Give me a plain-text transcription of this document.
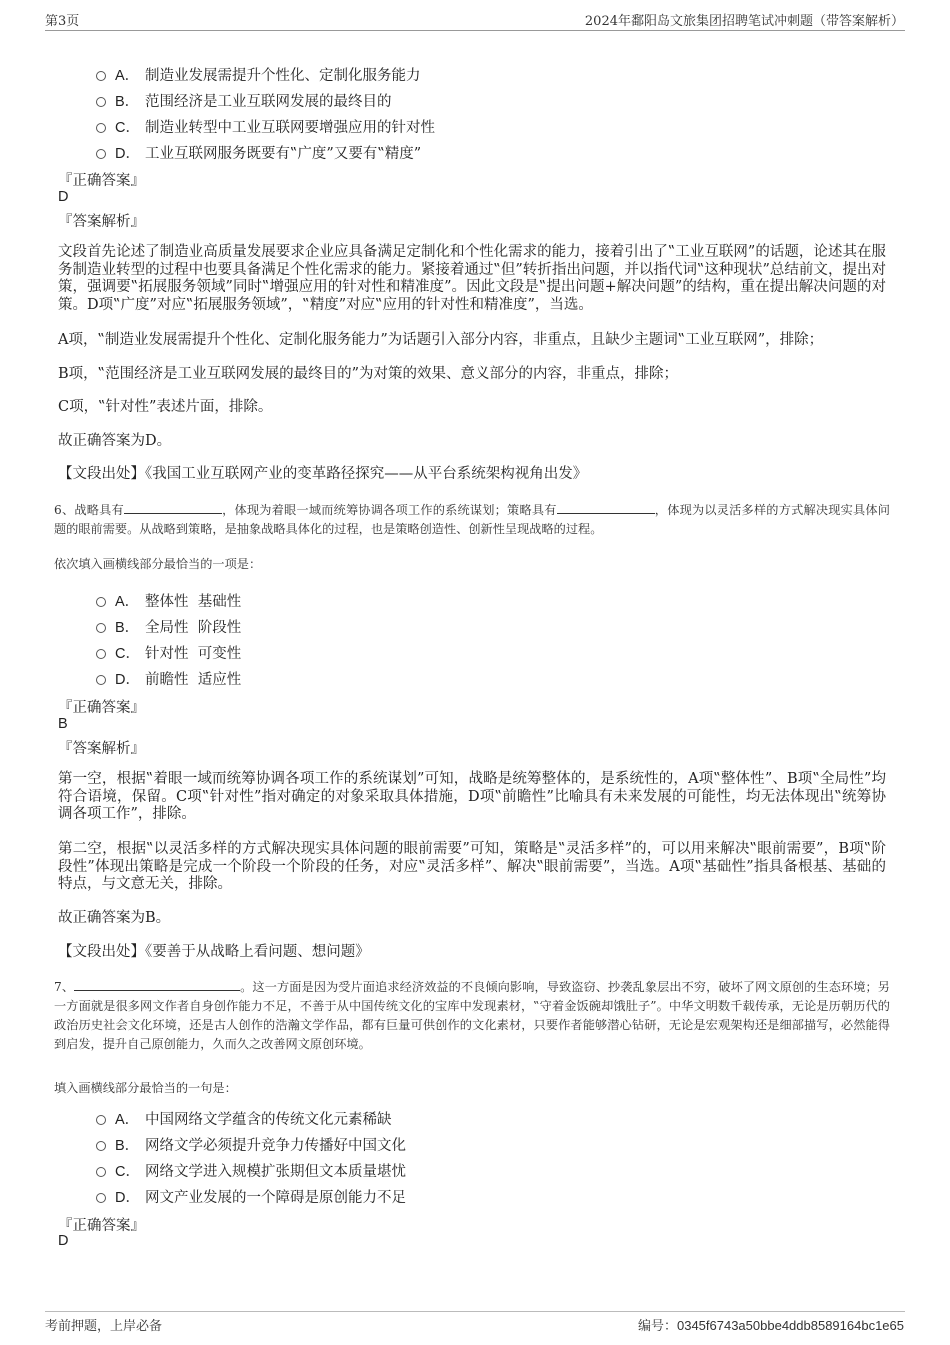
第3页	2024年鄱阳岛文旅集团招聘笔试冲刺题（带答案解析）
A． 制造业发展需提升个性化、定制化服务能力
B． 范围经济是工业互联网发展的最终目的
C． 制造业转型中工业互联网要增强应用的针对性
D． 工业互联网服务既要有‟广度”又要有‟精度”
『正确答案』
D
『答案解析』
文段首先论述了制造业高质量发展要求企业应具备满足定制化和个性化需求的能力，接着引出了‟工业互联网”的话题，论述其在服务制造业转型的过程中也要具备满足个性化需求的能力。紧接着通过‟但”转折指出问题，并以指代词‟这种现状”总结前文，提出对策，强调要‟拓展服务领域”同时‟增强应用的针对性和精准度”。因此文段是‟提出问题+解决问题”的结构，重在提出解决问题的对策。D项‟广度”对应‟拓展服务领域”，‟精度”对应‟应用的针对性和精准度”，当选。
A项，‟制造业发展需提升个性化、定制化服务能力”为话题引入部分内容，非重点，且缺少主题词‟工业互联网”，排除；
B项，‟范围经济是工业互联网发展的最终目的”为对策的效果、意义部分的内容，非重点，排除；
C项，‟针对性”表述片面，排除。
故正确答案为D。
【文段出处】《我国工业互联网产业的变革路径探究——从平台系统架构视角出发》
6、战略具有	，体现为着眼一域而统筹协调各项工作的系统谋划；策略具有	，体现为以灵活多样的方式解决现实具体问题的眼前需要。从战略到策略，是抽象战略具体化的过程，也是策略创造性、创新性呈现战略的过程。
依次填入画横线部分最恰当的一项是：
A． 整体性  基础性
B． 全局性  阶段性
C． 针对性  可变性
D． 前瞻性  适应性
『正确答案』
B
『答案解析』
第一空，根据‟着眼一域而统筹协调各项工作的系统谋划”可知，战略是统筹整体的，是系统性的，A项‟整体性”、B项‟全局性”均符合语境，保留。C项‟针对性”指对确定的对象采取具体措施，D项‟前瞻性”比喻具有未来发展的可能性，均无法体现出‟统筹协调各项工作”，排除。
第二空，根据‟以灵活多样的方式解决现实具体问题的眼前需要”可知，策略是‟灵活多样”的，可以用来解决‟眼前需要”，B项‟阶段性”体现出策略是完成一个阶段一个阶段的任务，对应‟灵活多样”、解决‟眼前需要”，当选。A项‟基础性”指具备根基、基础的特点，与文意无关，排除。
故正确答案为B。
【文段出处】《要善于从战略上看问题、想问题》
7、	。这一方面是因为受片面追求经济效益的不良倾向影响，导致盗窃、抄袭乱象层出不穷，破坏了网文原创的生态环境；另一方面就是很多网文作者自身创作能力不足，不善于从中国传统文化的宝库中发现素材，‟守着金饭碗却饿肚子”。中华文明数千载传承，无论是历朝历代的政治历史社会文化环境，还是古人创作的浩瀚文学作品，都有巨量可供创作的文化素材，只要作者能够潜心钻研，无论是宏观架构还是细部描写，必然能得到启发，提升自己原创能力，久而久之改善网文原创环境。
填入画横线部分最恰当的一句是：
A． 中国网络文学蕴含的传统文化元素稀缺
B． 网络文学必须提升竞争力传播好中国文化
C． 网络文学进入规模扩张期但文本质量堪忧
D． 网文产业发展的一个障碍是原创能力不足
『正确答案』
D
考前押题，上岸必备	编号：0345f6743a50bbe4ddb8589164bc1e65
